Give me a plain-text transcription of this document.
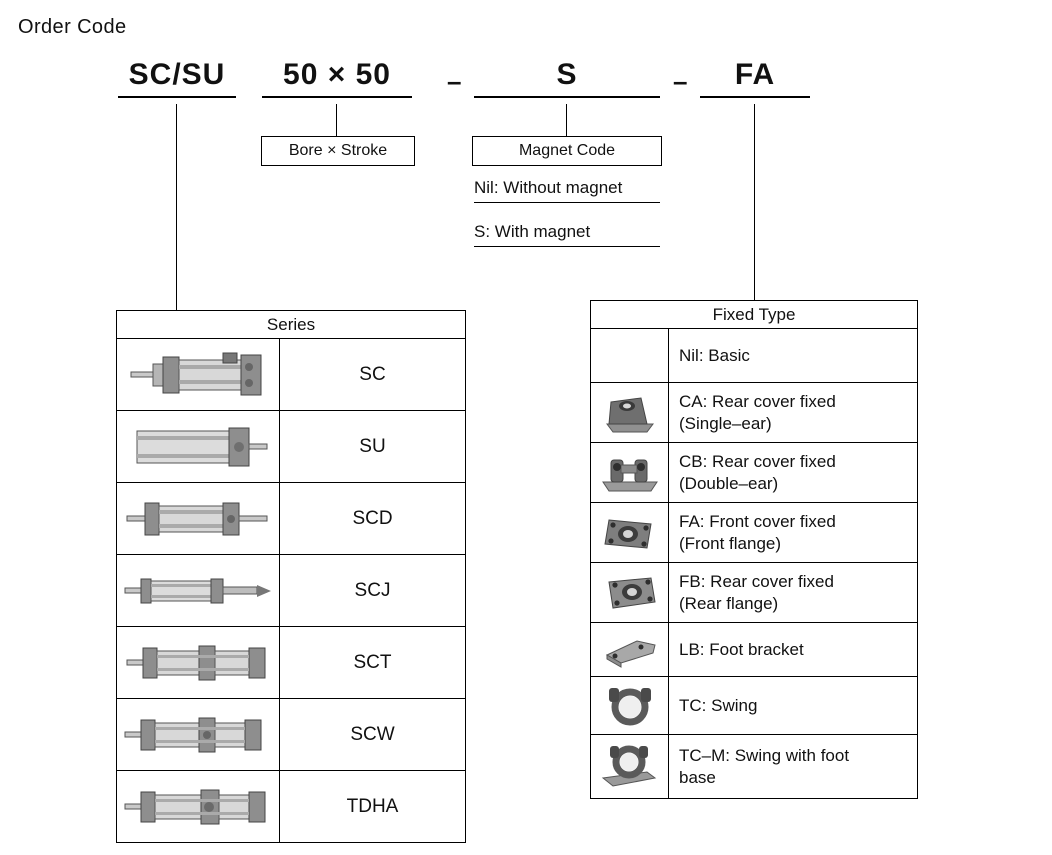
Order Code
SC/SU	50 × 50	–	S	–	FA
Bore × Stroke	Magnet Code
Nil: Without magnet
S: With magnet
Series
SC
SU
SCD
SCJ
SCT
SCW
TDHA
Fixed Type
Nil: Basic
CA: Rear cover fixed
(Single–ear)
CB: Rear cover fixed
(Double–ear)
FA: Front cover fixed
(Front flange)
FB: Rear cover fixed
(Rear flange)
LB: Foot bracket
TC: Swing
TC–M: Swing with foot
base
